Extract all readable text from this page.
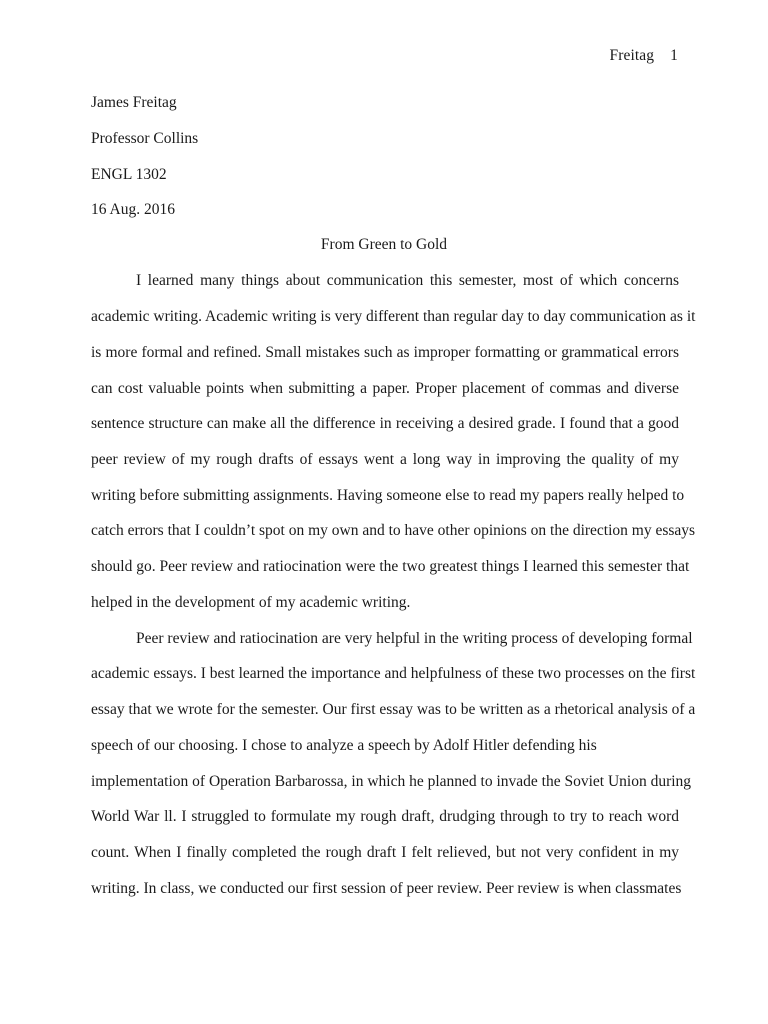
Freitag 1
James Freitag
Professor Collins
ENGL 1302
16 Aug. 2016
From Green to Gold
I learned many things about communication this semester, most of which concerns
academic writing. Academic writing is very different than regular day to day communication as it
is more formal and refined. Small mistakes such as improper formatting or grammatical errors
can cost valuable points when submitting a paper. Proper placement of commas and diverse
sentence structure can make all the difference in receiving a desired grade. I found that a good
peer review of my rough drafts of essays went a long way in improving the quality of my
writing before submitting assignments. Having someone else to read my papers really helped to
catch errors that I couldn’t spot on my own and to have other opinions on the direction my essays
should go. Peer review and ratiocination were the two greatest things I learned this semester that
helped in the development of my academic writing.
Peer review and ratiocination are very helpful in the writing process of developing formal
academic essays. I best learned the importance and helpfulness of these two processes on the first
essay that we wrote for the semester. Our first essay was to be written as a rhetorical analysis of a
speech of our choosing. I chose to analyze a speech by Adolf Hitler defending his
implementation of Operation Barbarossa, in which he planned to invade the Soviet Union during
World War ll. I struggled to formulate my rough draft, drudging through to try to reach word
count. When I finally completed the rough draft I felt relieved, but not very confident in my
writing. In class, we conducted our first session of peer review. Peer review is when classmates
